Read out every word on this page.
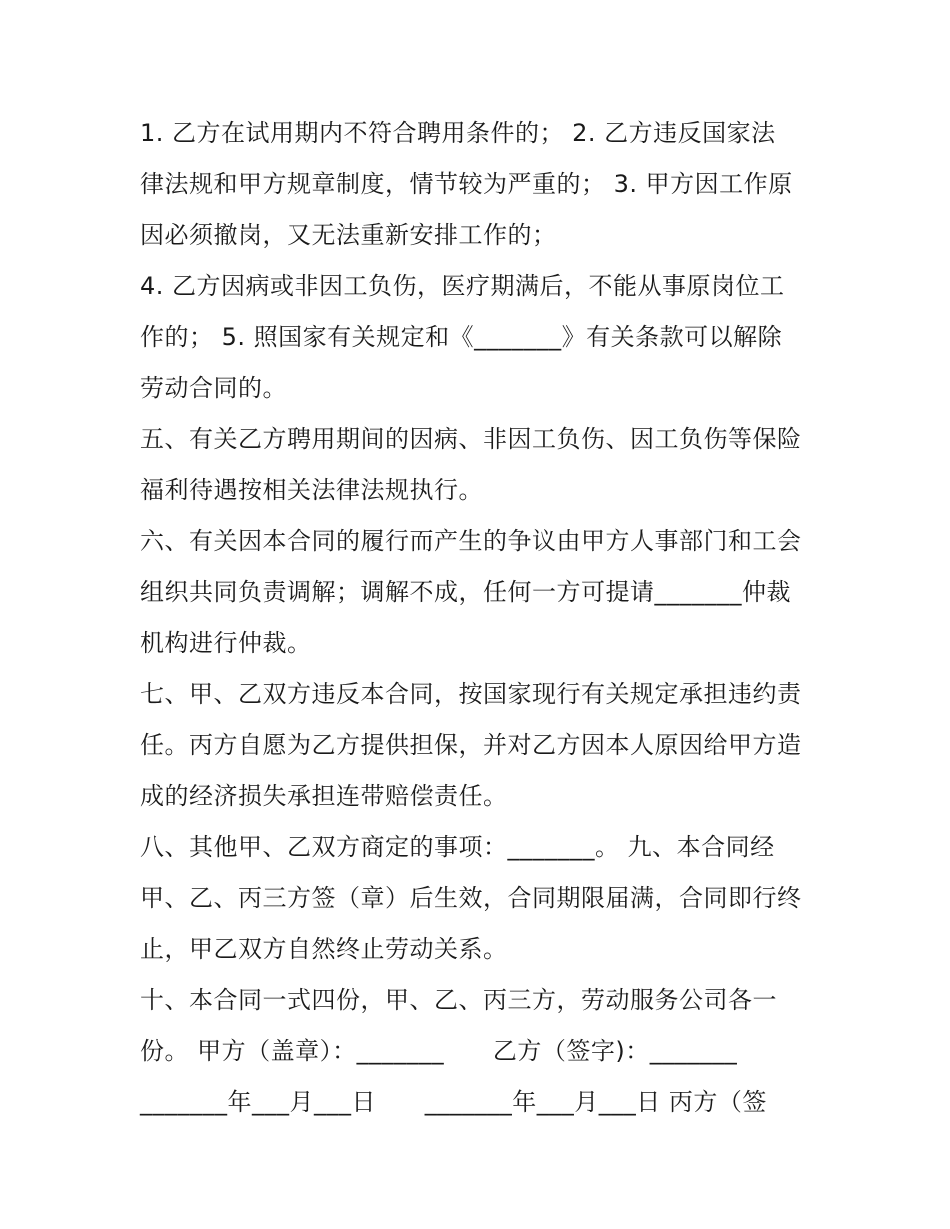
1. 乙方在试用期内不符合聘用条件的； 2. 乙方违反国家法
律法规和甲方规章制度，情节较为严重的； 3. 甲方因工作原
因必须撤岗，又无法重新安排工作的；
4. 乙方因病或非因工负伤，医疗期满后，不能从事原岗位工
作的； 5. 照国家有关规定和《_______》有关条款可以解除
劳动合同的。
五、有关乙方聘用期间的因病、非因工负伤、因工负伤等保险
福利待遇按相关法律法规执行。
六、有关因本合同的履行而产生的争议由甲方人事部门和工会
组织共同负责调解；调解不成，任何一方可提请_______仲裁
机构进行仲裁。
七、甲、乙双方违反本合同，按国家现行有关规定承担违约责
任。丙方自愿为乙方提供担保，并对乙方因本人原因给甲方造
成的经济损失承担连带赔偿责任。
八、其他甲、乙双方商定的事项：_______。 九、本合同经
甲、乙、丙三方签（章）后生效，合同期限届满，合同即行终
止，甲乙双方自然终止劳动关系。
十、本合同一式四份，甲、乙、丙三方，劳动服务公司各一
份。 甲方（盖章）：_______      乙方（签字)：_______
_______年___月___日      _______年___月___日 丙方（签
